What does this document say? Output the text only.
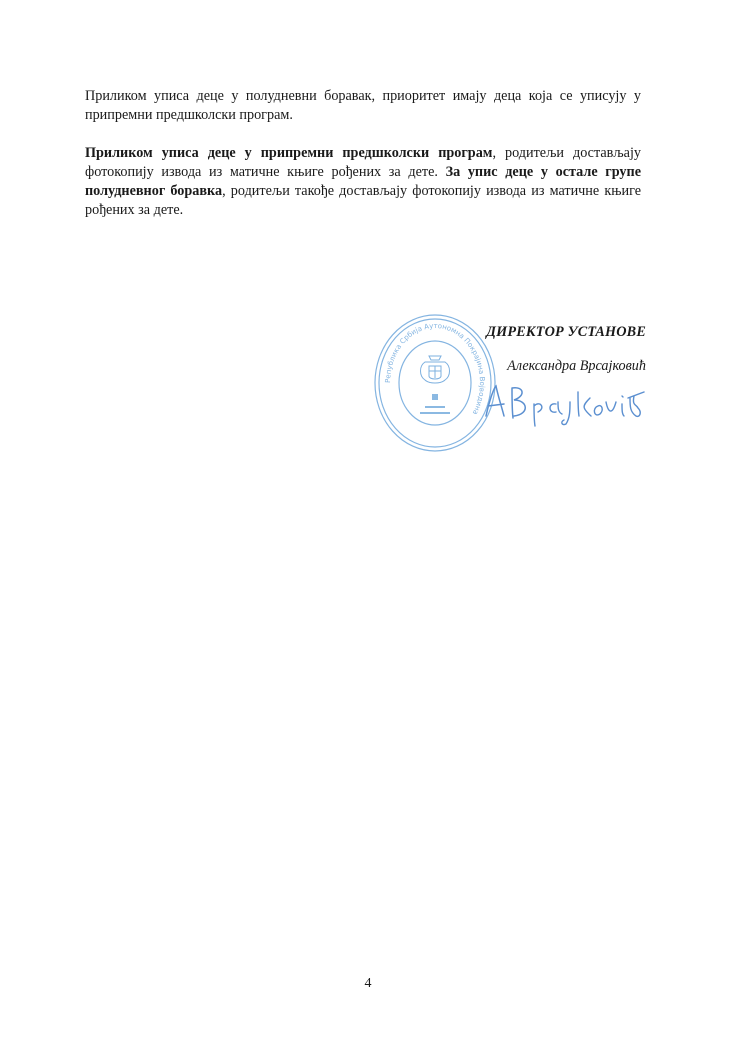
Приликом уписа деце у полудневни боравак, приоритет имају деца која се уписују у припремни предшколски програм.

Приликом уписа деце у припремни предшколски програм, родитељи достављају фотокопију извода из матичне књиге рођених за дете. За упис деце у остале групе полудневног боравка, родитељи такође достављају фотокопију извода из матичне књиге рођених за дете.

Република Србија Аутономна Покрајина Војводина
ДИРЕКТОР УСТАНОВЕ
Александра Врсајковић
4
